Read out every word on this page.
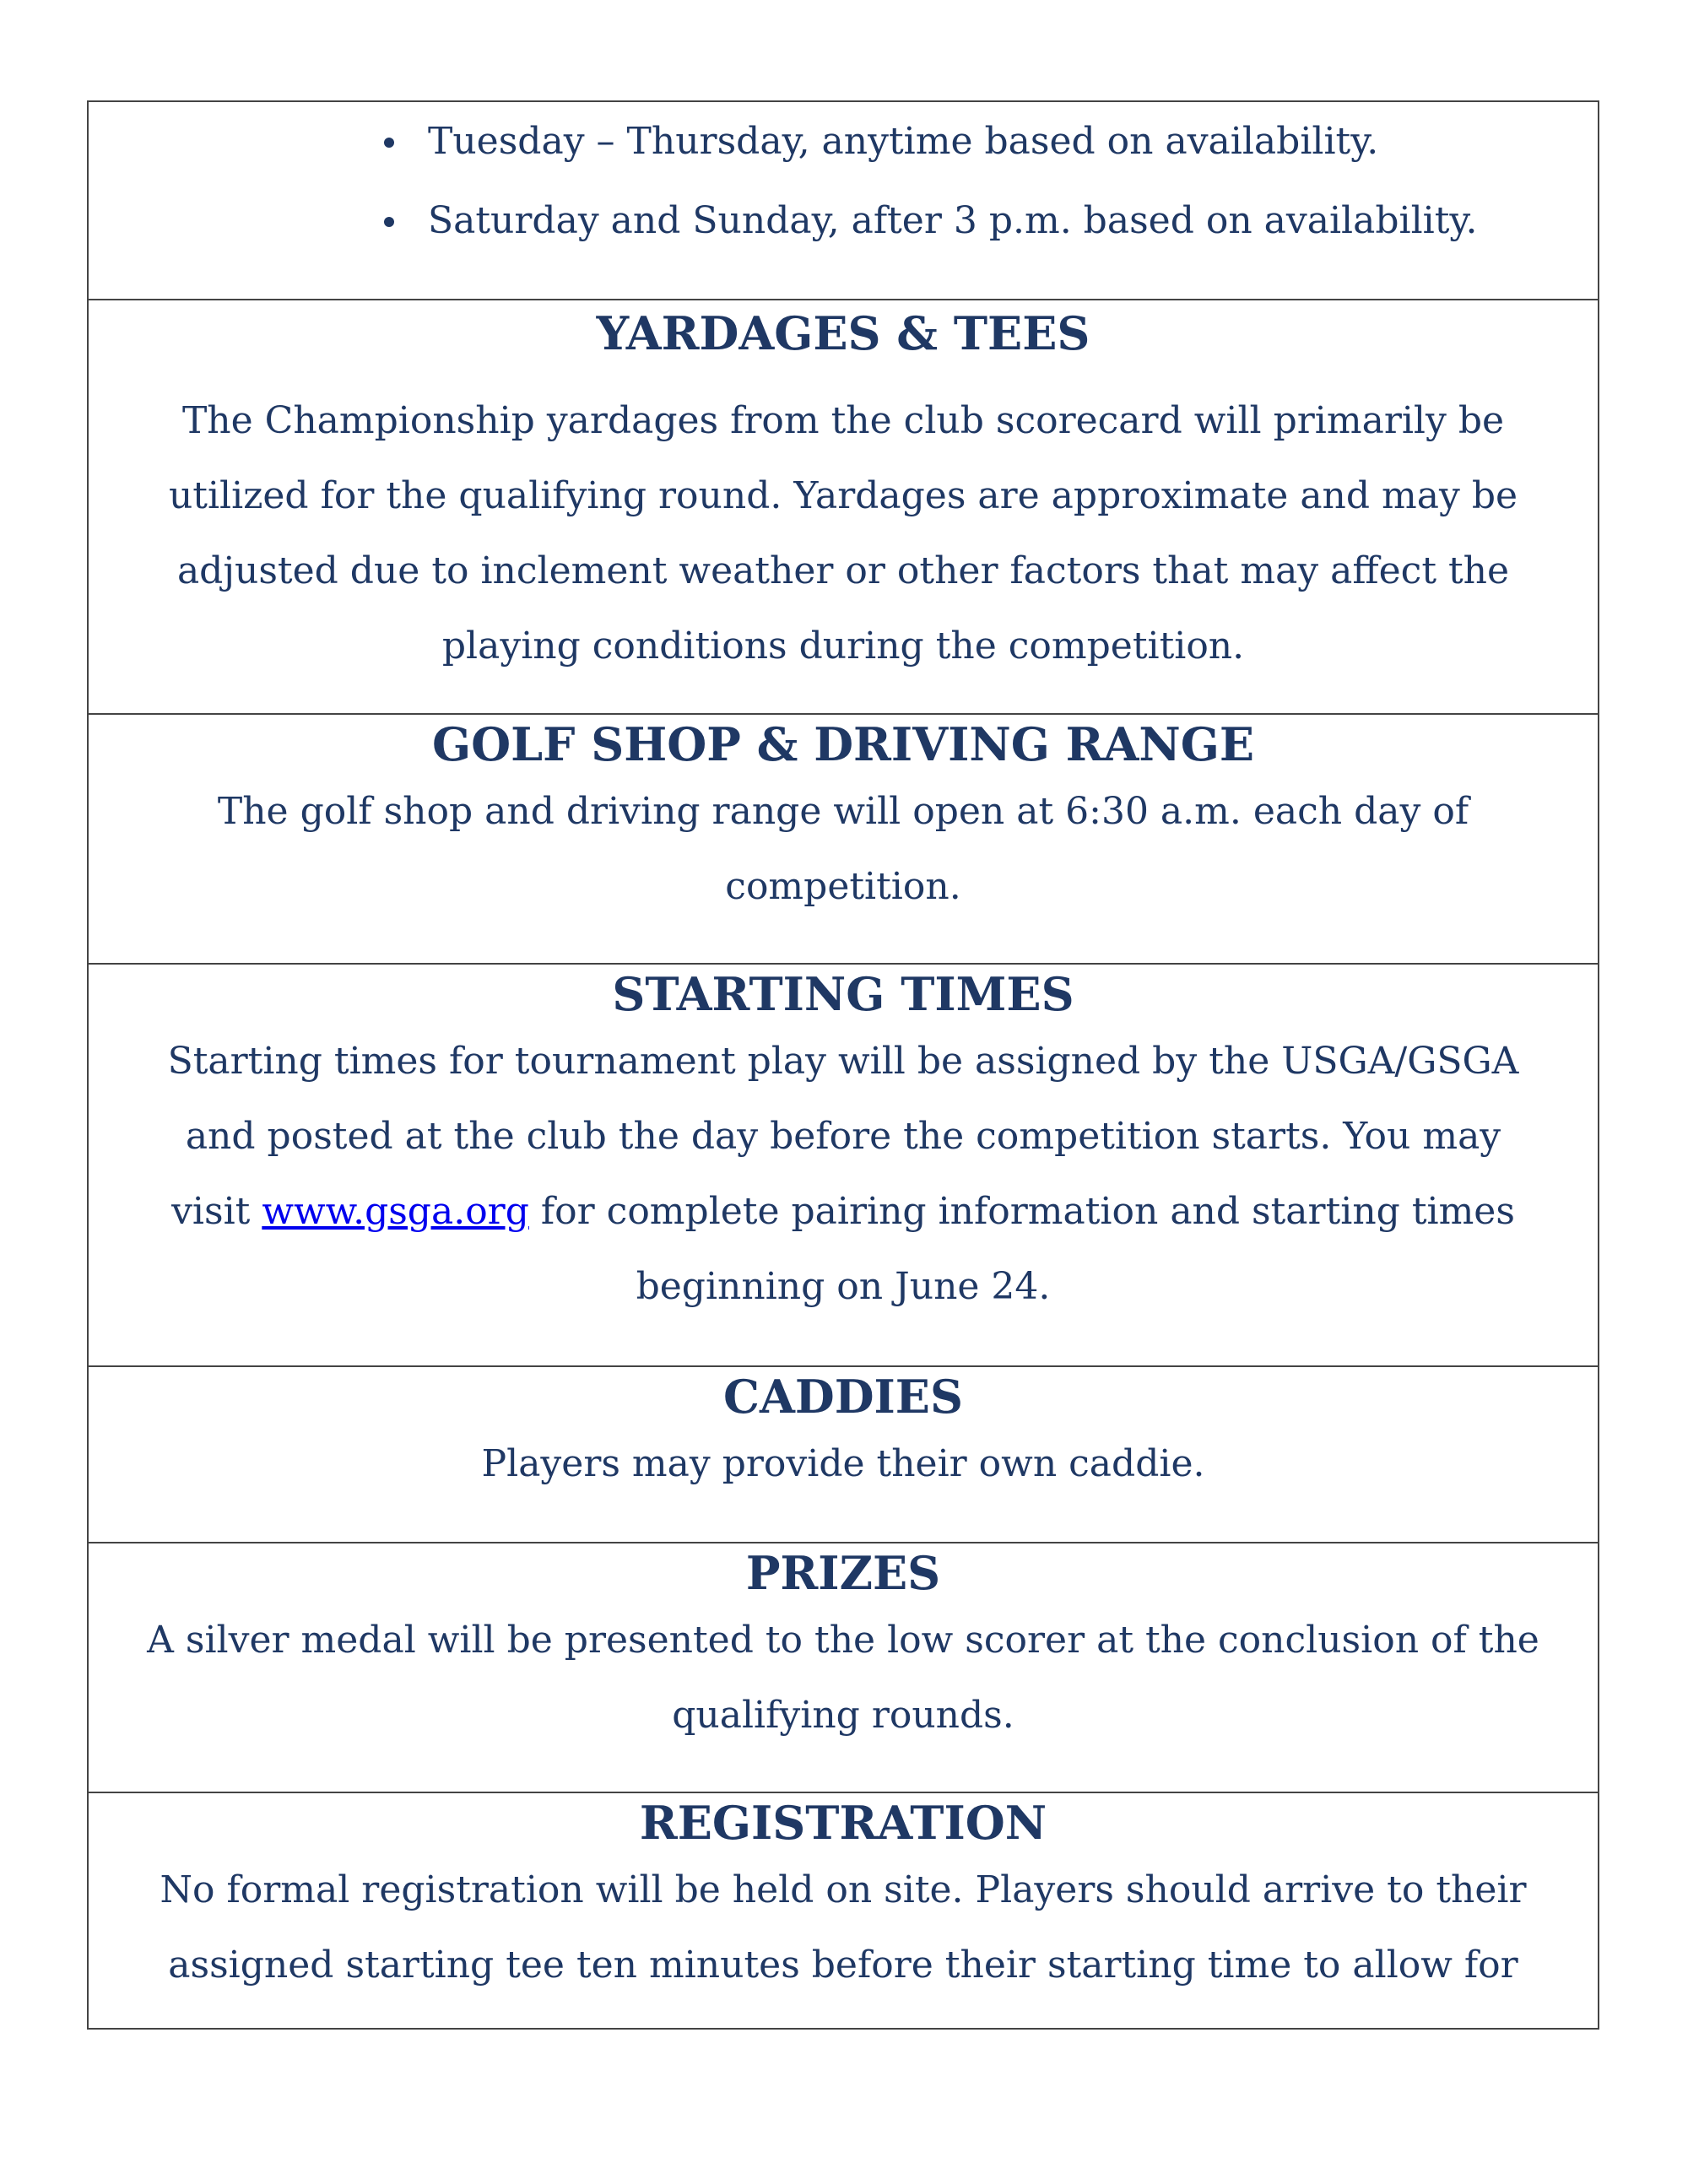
Tuesday – Thursday, anytime based on availability.
Saturday and Sunday, after 3 p.m. based on availability.
YARDAGES & TEES
The Championship yardages from the club scorecard will primarily be
utilized for the qualifying round. Yardages are approximate and may be
adjusted due to inclement weather or other factors that may affect the
playing conditions during the competition.
GOLF SHOP & DRIVING RANGE
The golf shop and driving range will open at 6:30 a.m. each day of
competition.
STARTING TIMES
Starting times for tournament play will be assigned by the USGA/GSGA
and posted at the club the day before the competition starts. You may
visit www.gsga.org for complete pairing information and starting times
beginning on June 24.
CADDIES
Players may provide their own caddie.
PRIZES
A silver medal will be presented to the low scorer at the conclusion of the
qualifying rounds.
REGISTRATION
No formal registration will be held on site. Players should arrive to their
assigned starting tee ten minutes before their starting time to allow for
